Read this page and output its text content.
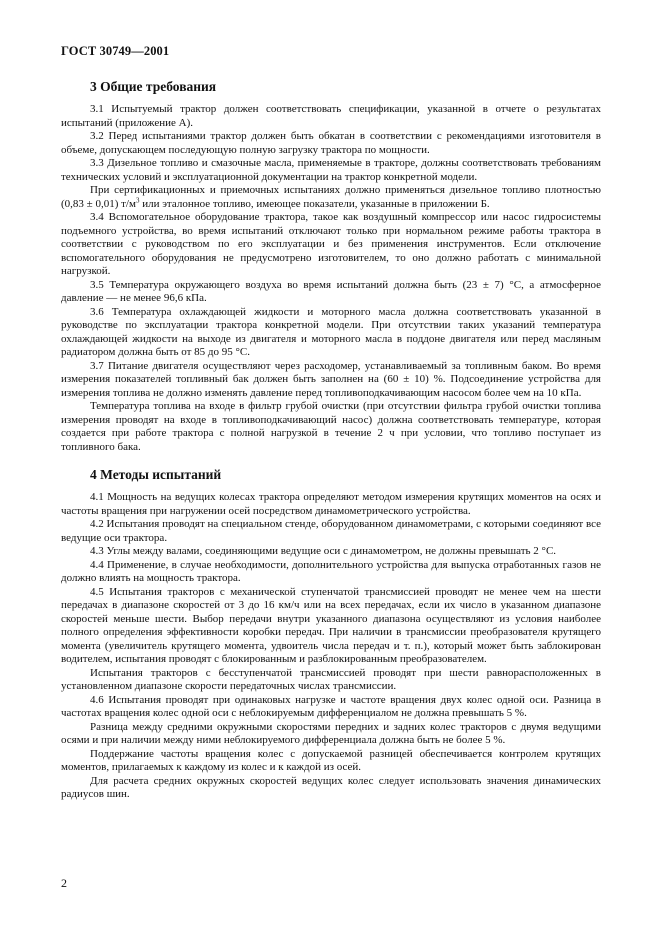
ГОСТ 30749—2001
3 Общие требования

3.1 Испытуемый трактор должен соответствовать спецификации, указанной в отчете о результатах испытаний (приложение А).

3.2 Перед испытаниями трактор должен быть обкатан в соответствии с рекомендациями изготовителя в объеме, допускающем последующую полную загрузку трактора по мощности.

3.3 Дизельное топливо и смазочные масла, применяемые в тракторе, должны соответствовать требованиям технических условий и эксплуатационной документации на трактор конкретной модели.

При сертификационных и приемочных испытаниях должно применяться дизельное топливо плотностью (0,83 ± 0,01) $т/м^3$ или эталонное топливо, имеющее показатели, указанные в приложении Б.

3.4 Вспомогательное оборудование трактора, такое как воздушный компрессор или насос гидросистемы подъемного устройства, во время испытаний отключают только при нормальном режиме работы трактора в соответствии с руководством по его эксплуатации и без применения инструментов. Если отключение вспомогательного оборудования не предусмотрено изготовителем, то оно должно работать с минимальной нагрузкой.

3.5 Температура окружающего воздуха во время испытаний должна быть (23 ± 7) °С, а атмосферное давление — не менее 96,6 кПа.

3.6 Температура охлаждающей жидкости и моторного масла должна соответствовать указанной в руководстве по эксплуатации трактора конкретной модели. При отсутствии таких указаний температура охлаждающей жидкости на выходе из двигателя и моторного масла в поддоне двигателя или перед масляным радиатором должна быть от 85 до 95 °С.

3.7 Питание двигателя осуществляют через расходомер, устанавливаемый за топливным баком. Во время измерения показателей топливный бак должен быть заполнен на (60 ± 10) %. Подсоединение устройства для измерения топлива не должно изменять давление перед топливоподкачивающим насосом более чем на 10 кПа.

Температура топлива на входе в фильтр грубой очистки (при отсутствии фильтра грубой очистки топлива измерения проводят на входе в топливоподкачивающий насос) должна соответствовать температуре, которая создается при работе трактора с полной нагрузкой в течение 2 ч при условии, что топливо поступает из топливного бака.

4 Методы испытаний

4.1 Мощность на ведущих колесах трактора определяют методом измерения крутящих моментов на осях и частоты вращения при нагружении осей посредством динамометрического устройства.

4.2 Испытания проводят на специальном стенде, оборудованном динамометрами, с которыми соединяют все ведущие оси трактора.

4.3 Углы между валами, соединяющими ведущие оси с динамометром, не должны превышать 2 °С.

4.4 Применение, в случае необходимости, дополнительного устройства для выпуска отработанных газов не должно влиять на мощность трактора.

4.5 Испытания тракторов с механической ступенчатой трансмиссией проводят не менее чем на шести передачах в диапазоне скоростей от 3 до 16 км/ч или на всех передачах, если их число в указанном диапазоне скоростей меньше шести. Выбор передачи внутри указанного диапазона осуществляют из условия наиболее полного определения эффективности коробки передач. При наличии в трансмиссии преобразователя крутящего момента (увеличитель крутящего момента, удвоитель числа передач и т. п.), который может быть заблокирован водителем, испытания проводят с блокированным и разблокированным преобразователем.

Испытания тракторов с бесступенчатой трансмиссией проводят при шести равнорасположенных в установленном диапазоне скорости передаточных числах трансмиссии.

4.6 Испытания проводят при одинаковых нагрузке и частоте вращения двух колес одной оси. Разница в частотах вращения колес одной оси с неблокируемым дифференциалом не должна превышать 5 %.

Разница между средними окружными скоростями передних и задних колес тракторов с двумя ведущими осями и при наличии между ними неблокируемого дифференциала должна быть не более 5 %.

Поддержание частоты вращения колес с допускаемой разницей обеспечивается контролем крутящих моментов, прилагаемых к каждому из колес и к каждой из осей.

Для расчета средних окружных скоростей ведущих колес следует использовать значения динамических радиусов шин.

2
